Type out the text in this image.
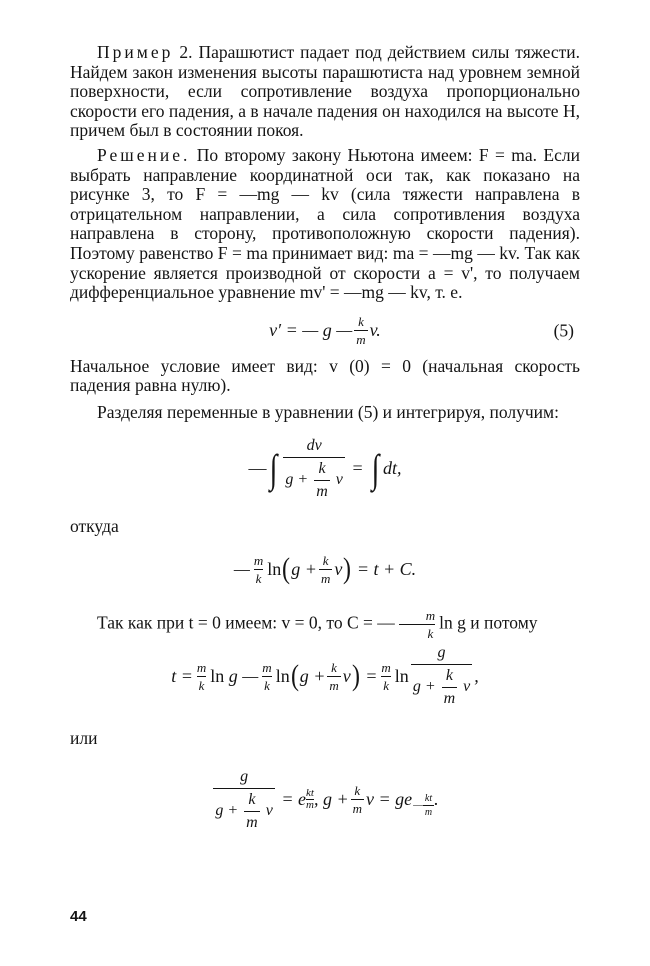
Пример 2. Парашютист падает под действием силы тяжести. Найдем закон изменения высоты парашютиста над уровнем земной поверхности, если сопротивление воздуха пропорционально скорости его падения, а в начале падения он находился на высоте H, причем был в состоянии покоя.

Решение. По второму закону Ньютона имеем: F = ma. Если выбрать направление координатной оси так, как показано на рисунке 3, то F = —mg — kv (сила тяжести направлена в отрицательном направлении, а сила сопротивления воздуха направлена в сторону, противоположную скорости падения). Поэтому равенство F = ma принимает вид: ma = —mg — kv. Так как ускорение является производной от скорости a = v', то получаем дифференциальное уравнение mv' = —mg — kv, т. е.

v′ = — g — $\frac{k}{m} v$.	(5)

Начальное условие имеет вид: v (0) = 0 (начальная скорость падения равна нулю).

Разделяя переменные в уравнении (5) и интегрируя, получим:

— ∫ $\frac{dv}{g + \frac{k}{m} v}$ = ∫ dt,

откуда

— $\frac{m}{k}$ ln ( $g + \frac{k}{m}$ v ) = t + C.

Так как при t = 0 имеем: v = 0, то C = — $\frac{m}{k}$ ln g и потому

$t = \frac{m}{k}$ ln g — $\frac{m}{k}$ ln ( $g + \frac{k}{m}$ v ) = $\frac{m}{k}$ $\ln \frac{g}{g + \frac{k}{m} v}$ ,

или

$\frac{g}{g + \frac{k}{m} v} = e$ kt
m , $g + \frac{k}{m}$ v = ge
— $\frac{kt}{m}$ .
44
